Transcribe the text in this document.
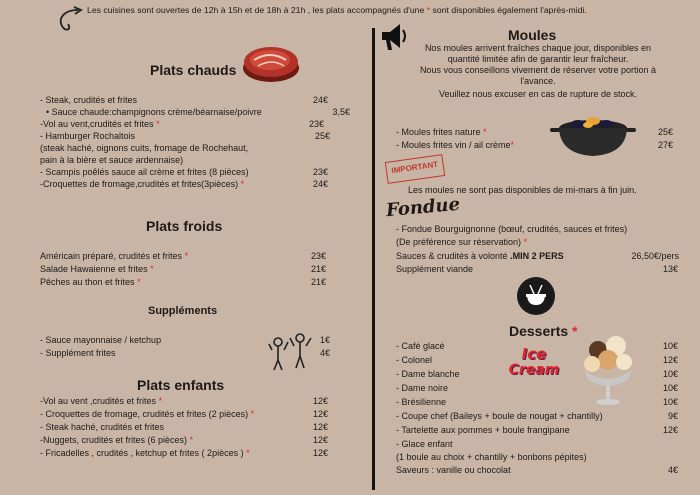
Les cuisines sont ouvertes de 12h à 15h et de 18h à 21h , les plats accompagnés d'une * sont disponibles également l'après-midi.
Plats chauds
- Steak, crudités et frites	24€
• Sauce chaude:champignons crème/béarnaise/poivre	3,5€
-Vol au vent,crudités et frites *	23€
- Hamburger Rochaltois	25€
(steak haché, oignons cuits, fromage de Rochehaut,
pain à la bière et sauce ardennaise)
- Scampis poêlés sauce ail crème et frites (8 pièces)	23€
-Croquettes de fromage,crudités et frites(3pièces) *	24€
Plats froids
Américain préparé, crudités et frites *	23€
Salade Hawaienne et frites *	21€
Pêches au thon et frites *	21€
Suppléments
- Sauce mayonnaise / ketchup	1€
- Supplément frites	4€
Plats enfants
-Vol au vent ,crudités et frites *	12€
- Croquettes de fromage, crudités et frites (2 pièces) *	12€
- Steak haché, crudités et frites	12€
-Nuggets, crudités et frites (6 pièces) *	12€
- Fricadelles , crudités , ketchup et frites ( 2pièces ) *	12€
Moules
Nos moules arrivent fraîches chaque jour, disponibles en
quantité limitée afin de garantir leur fraîcheur.
Nous vous conseillons vivement de réserver votre portion à
l'avance.
Veuillez nous excuser en cas de rupture de stock.
- Moules frites nature *	25€
- Moules frites vin / ail crème*	27€
IMPORTANT
Les moules ne sont pas disponibles de mi-mars à fin juin.
Fondue
- Fondue Bourguignonne (bœuf, crudités, sauces et frites)
(De préférence sur réservation) *
Sauces & crudités à volonté .MIN 2 PERS	26,50€/pers
Supplément viande	13€
Desserts *
- Café glacé	10€
- Colonel	12€
- Dame blanche	10€
- Dame noire	10€
- Brésilienne	10€
- Coupe chef (Baileys + boule de nougat + chantilly)	9€
- Tartelette aux pommes + boule frangipane	12€
- Glace enfant
(1 boule au choix + chantilly + bonbons pépites)
Saveurs : vanille ou chocolat	4€
Ice
Cream
